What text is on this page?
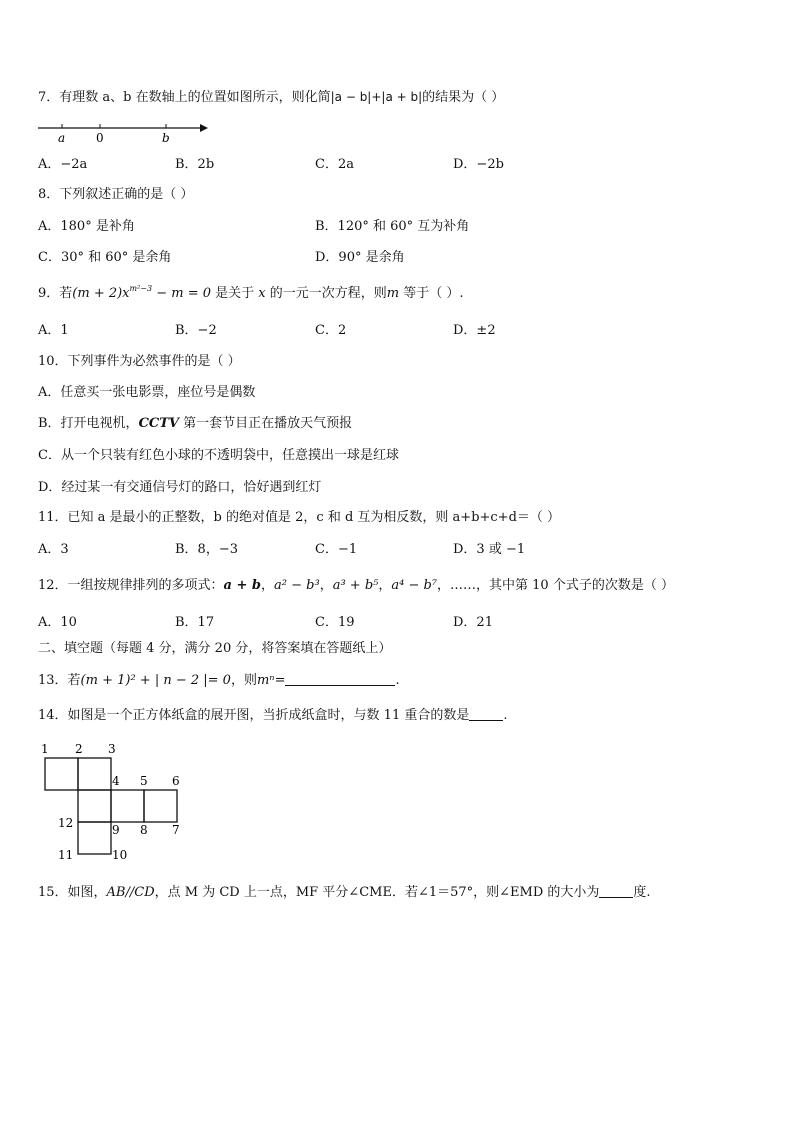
7．有理数 a、b 在数轴上的位置如图所示，则化简|a − b|+|a + b|的结果为（ ）
a	0	b
A．−2a	B．2b	C．2a	D．−2b
8．下列叙述正确的是（ ）
A．180° 是补角	B．120° 和 60° 互为补角
C．30° 和 60° 是余角	D．90° 是余角
9．若$(m + 2)x^{m^2-3} - m = 0$ 是关于 x 的一元一次方程，则m 等于（ ）.
A．1	B．−2	C．2	D．±2
10．下列事件为必然事件的是（ ）
A．任意买一张电影票，座位号是偶数
B．打开电视机，CCTV 第一套节目正在播放天气预报
C．从一个只装有红色小球的不透明袋中，任意摸出一球是红球
D．经过某一有交通信号灯的路口，恰好遇到红灯
11．已知 a 是最小的正整数，b 的绝对值是 2，c 和 d 互为相反数，则 a+b+c+d＝（ ）
A．3	B．8，−3	C．−1	D．3 或 −1
12．一组按规律排列的多项式：a + b，a² − b³，a³ + b⁵，a⁴ − b⁷，……，其中第 10 个式子的次数是（ ）
A．10	B．17	C．19	D．21
二、填空题（每题 4 分，满分 20 分，将答案填在答题纸上）
13．若(m + 1)² + | n − 2 |= 0，则mⁿ=	.
14．如图是一个正方体纸盒的展开图，当折成纸盒时，与数 11 重合的数是	.
1 2 3
4 5 6
7
8
9
10
11
12
15．如图，AB//CD，点 M 为 CD 上一点，MF 平分∠CME．若∠1＝57°，则∠EMD 的大小为	度.
